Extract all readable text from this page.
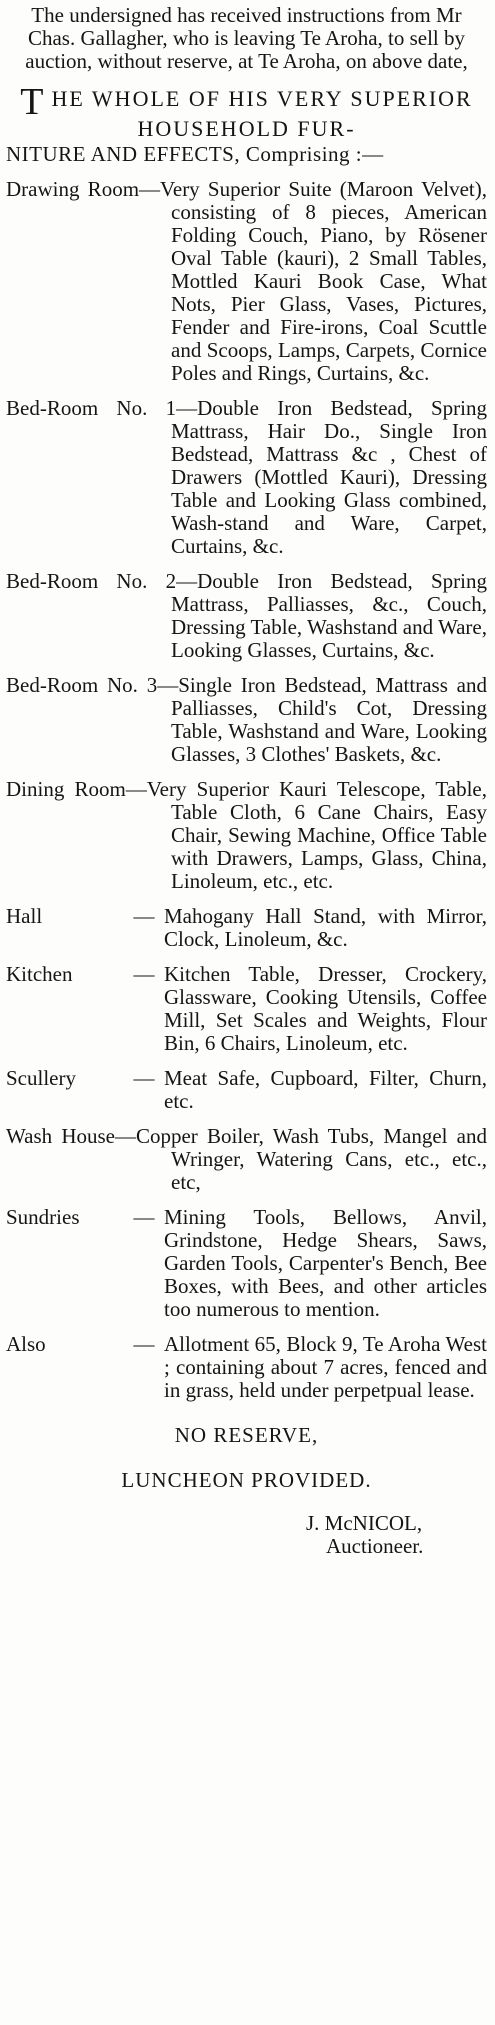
The undersigned has received instructions from Mr Chas. Gallagher, who is leaving Te Aroha, to sell by auction, without reserve, at Te Aroha, on above date,

THE WHOLE OF HIS VERY SUPERIOR HOUSEHOLD FUR-
NITURE AND EFFECTS, Comprising :—

Drawing Room—Very Superior Suite (Maroon Velvet), consisting of 8 pieces, American Folding Couch, Piano, by Rösener Oval Table (kauri), 2 Small Tables, Mottled Kauri Book Case, What Nots, Pier Glass, Vases, Pictures, Fender and Fire-irons, Coal Scuttle and Scoops, Lamps, Carpets, Cornice Poles and Rings, Curtains, &c.

Bed-Room No. 1—Double Iron Bedstead, Spring Mattrass, Hair Do., Single Iron Bedstead, Mattrass &c , Chest of Drawers (Mottled Kauri), Dressing Table and Looking Glass combined, Wash-stand and Ware, Carpet, Curtains, &c.

Bed-Room No. 2—Double Iron Bedstead, Spring Mattrass, Palliasses, &c., Couch, Dressing Table, Washstand and Ware, Looking Glasses, Curtains, &c.

Bed-Room No. 3—Single Iron Bedstead, Mattrass and Palliasses, Child's Cot, Dressing Table, Washstand and Ware, Looking Glasses, 3 Clothes' Baskets, &c.

Dining Room—Very Superior Kauri Telescope, Table, Table Cloth, 6 Cane Chairs, Easy Chair, Sewing Machine, Office Table with Drawers, Lamps, Glass, China, Linoleum, etc., etc.

Hall	— Mahogany Hall Stand, with Mirror, Clock, Linoleum, &c.
Kitchen	— Kitchen Table, Dresser, Crockery, Glassware, Cooking Utensils, Coffee Mill, Set Scales and Weights, Flour Bin, 6 Chairs, Linoleum, etc.
Scullery	— Meat Safe, Cupboard, Filter, Churn, etc.

Wash House—Copper Boiler, Wash Tubs, Mangel and Wringer, Watering Cans, etc., etc., etc,

Sundries	— Mining Tools, Bellows, Anvil, Grindstone, Hedge Shears, Saws, Garden Tools, Carpenter's Bench, Bee Boxes, with Bees, and other articles too numerous to mention.
Also	— Allotment 65, Block 9, Te Aroha West ; containing about 7 acres, fenced and in grass, held under perpetpual lease.
NO RESERVE,
LUNCHEON PROVIDED.
J. McNICOL,
Auctioneer.
